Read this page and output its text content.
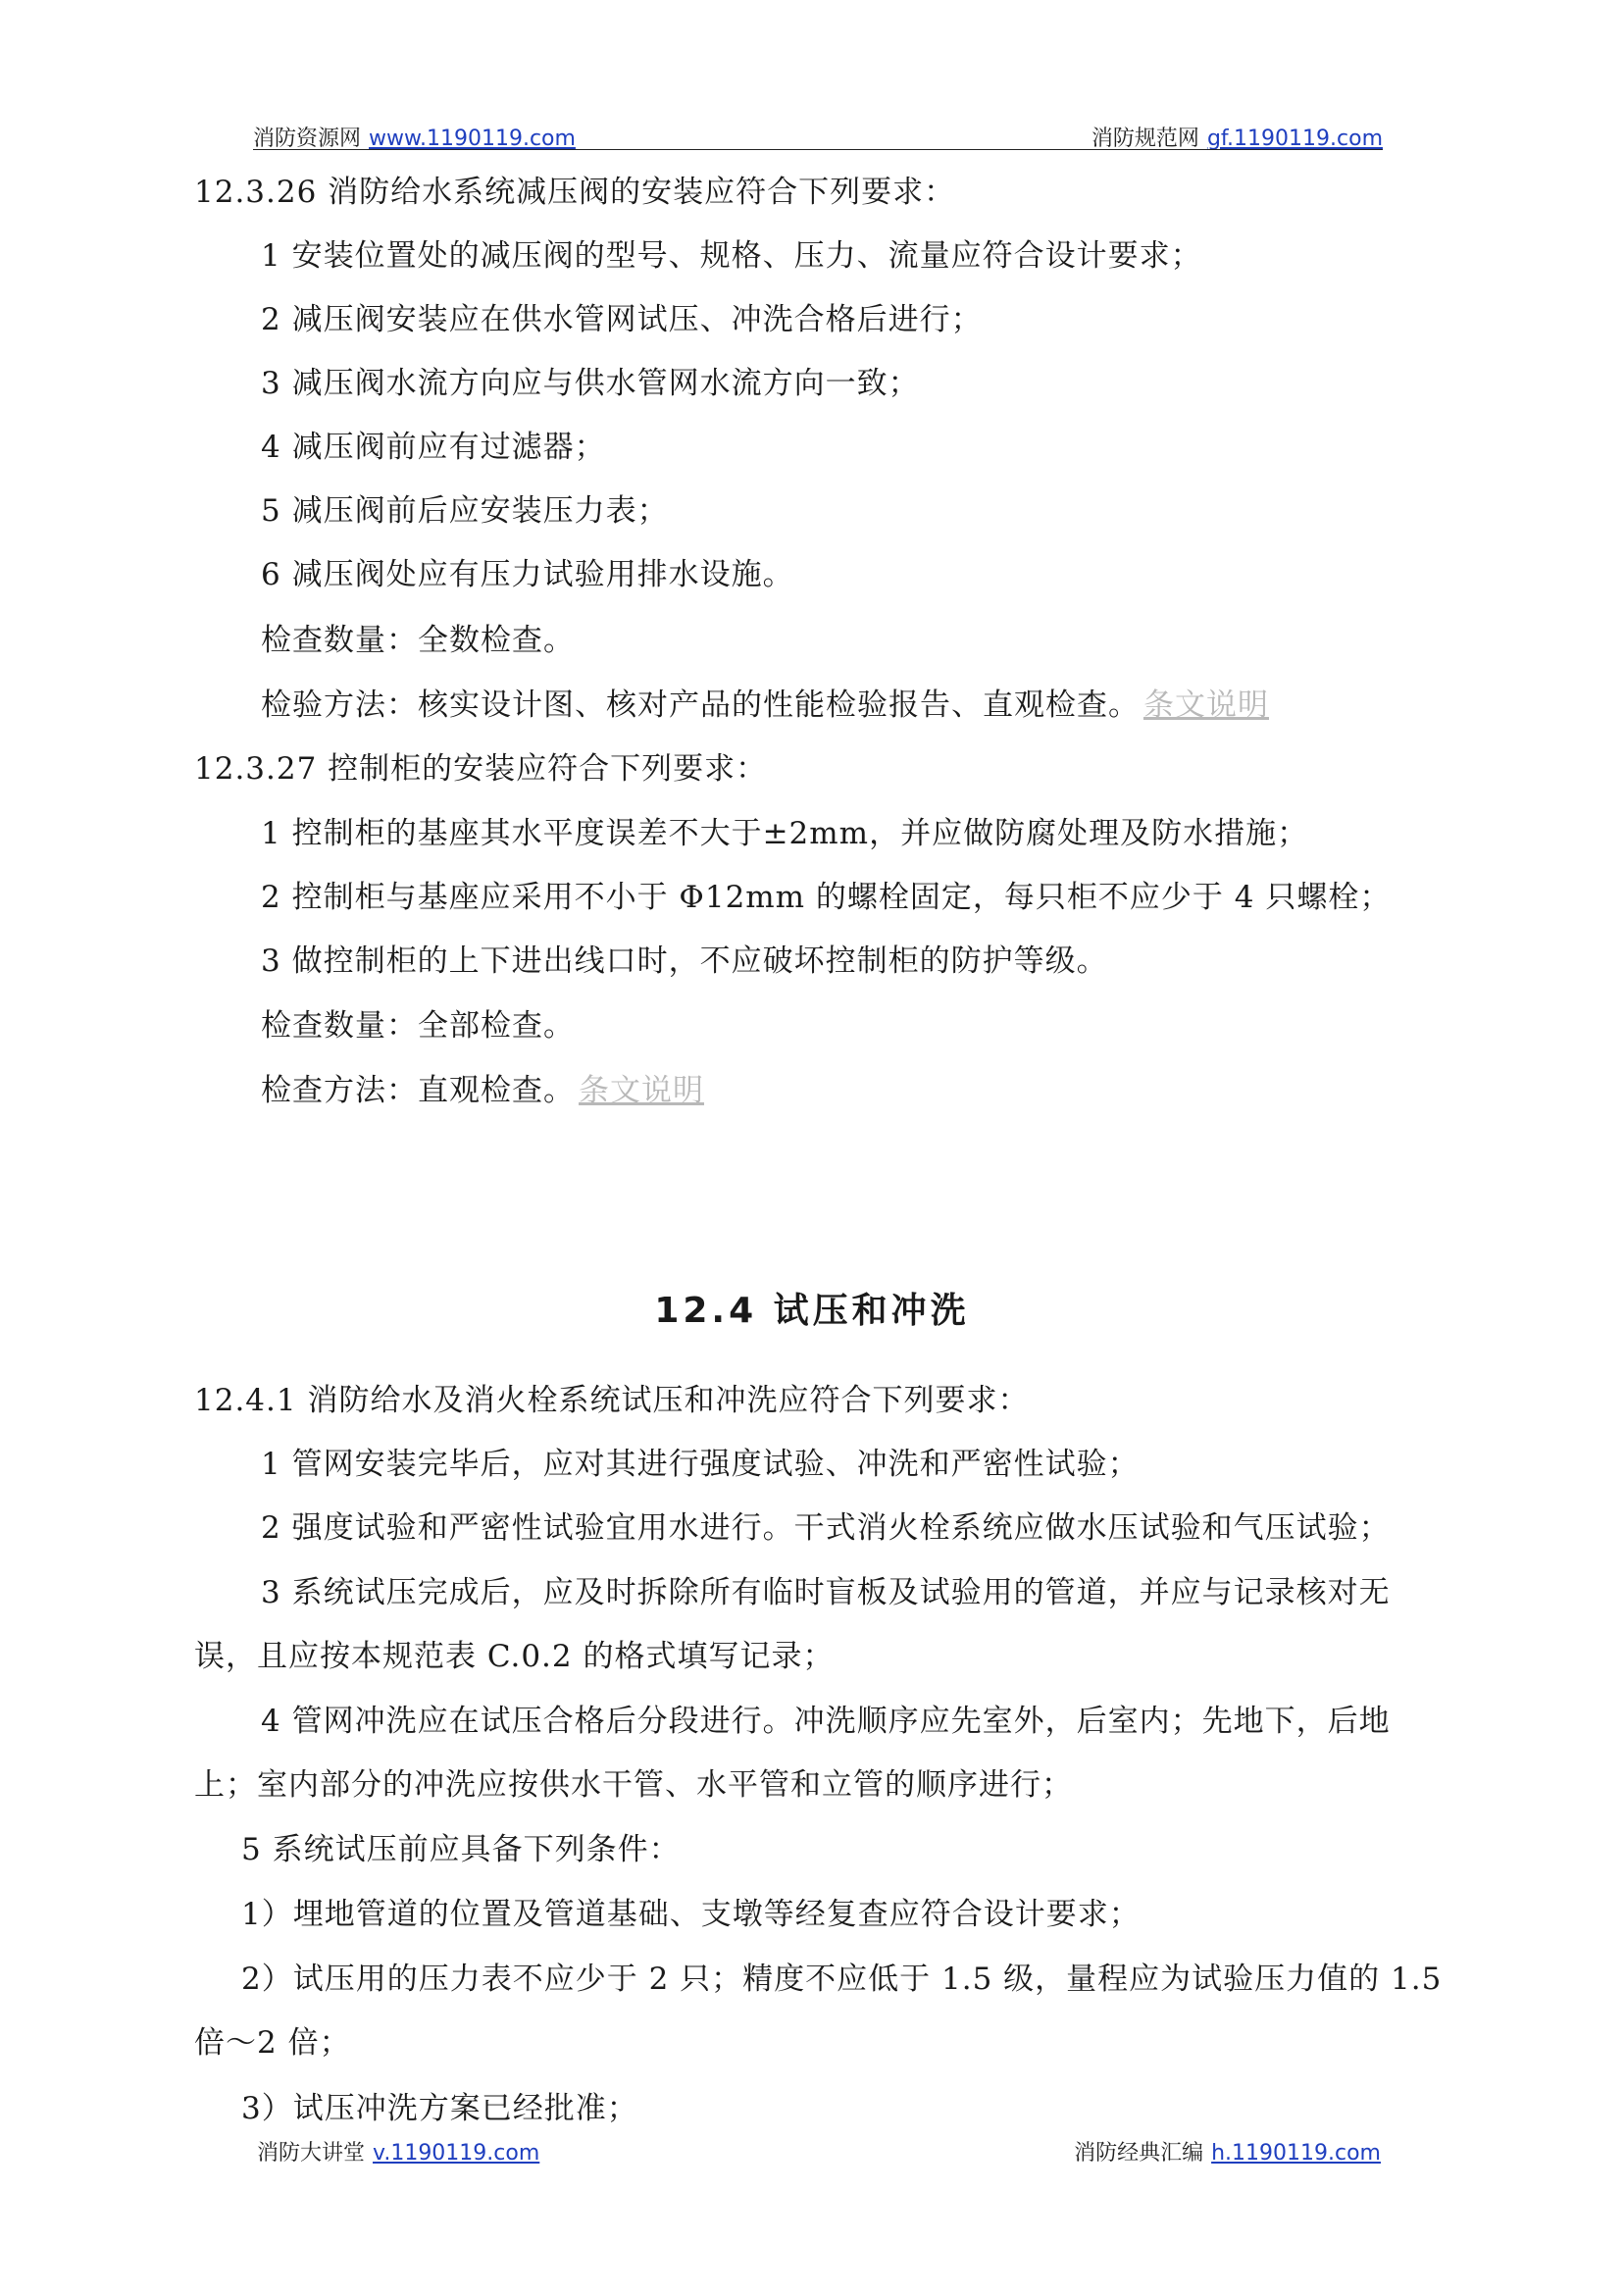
消防资源网 www.1190119.com	消防规范网 gf.1190119.com
12.3.26 消防给水系统减压阀的安装应符合下列要求：
1 安装位置处的减压阀的型号、规格、压力、流量应符合设计要求；
2 减压阀安装应在供水管网试压、冲洗合格后进行；
3 减压阀水流方向应与供水管网水流方向一致；
4 减压阀前应有过滤器；
5 减压阀前后应安装压力表；
6 减压阀处应有压力试验用排水设施。
检查数量：全数检查。
检验方法：核实设计图、核对产品的性能检验报告、直观检查。 条文说明
12.3.27 控制柜的安装应符合下列要求：
1 控制柜的基座其水平度误差不大于±2mm，并应做防腐处理及防水措施；
2 控制柜与基座应采用不小于 Φ12mm 的螺栓固定，每只柜不应少于 4 只螺栓；
3 做控制柜的上下进出线口时，不应破坏控制柜的防护等级。
检查数量：全部检查。
检查方法：直观检查。 条文说明
12.4 试压和冲洗
12.4.1 消防给水及消火栓系统试压和冲洗应符合下列要求：
1 管网安装完毕后，应对其进行强度试验、冲洗和严密性试验；
2 强度试验和严密性试验宜用水进行。干式消火栓系统应做水压试验和气压试验；
3 系统试压完成后，应及时拆除所有临时盲板及试验用的管道，并应与记录核对无
误，且应按本规范表 C.0.2 的格式填写记录；
4 管网冲洗应在试压合格后分段进行。冲洗顺序应先室外，后室内；先地下，后地
上；室内部分的冲洗应按供水干管、水平管和立管的顺序进行；
5 系统试压前应具备下列条件：
1）埋地管道的位置及管道基础、支墩等经复查应符合设计要求；
2）试压用的压力表不应少于 2 只；精度不应低于 1.5 级，量程应为试验压力值的 1.5
倍～2 倍；
3）试压冲洗方案已经批准；
消防大讲堂 v.1190119.com	消防经典汇编 h.1190119.com
